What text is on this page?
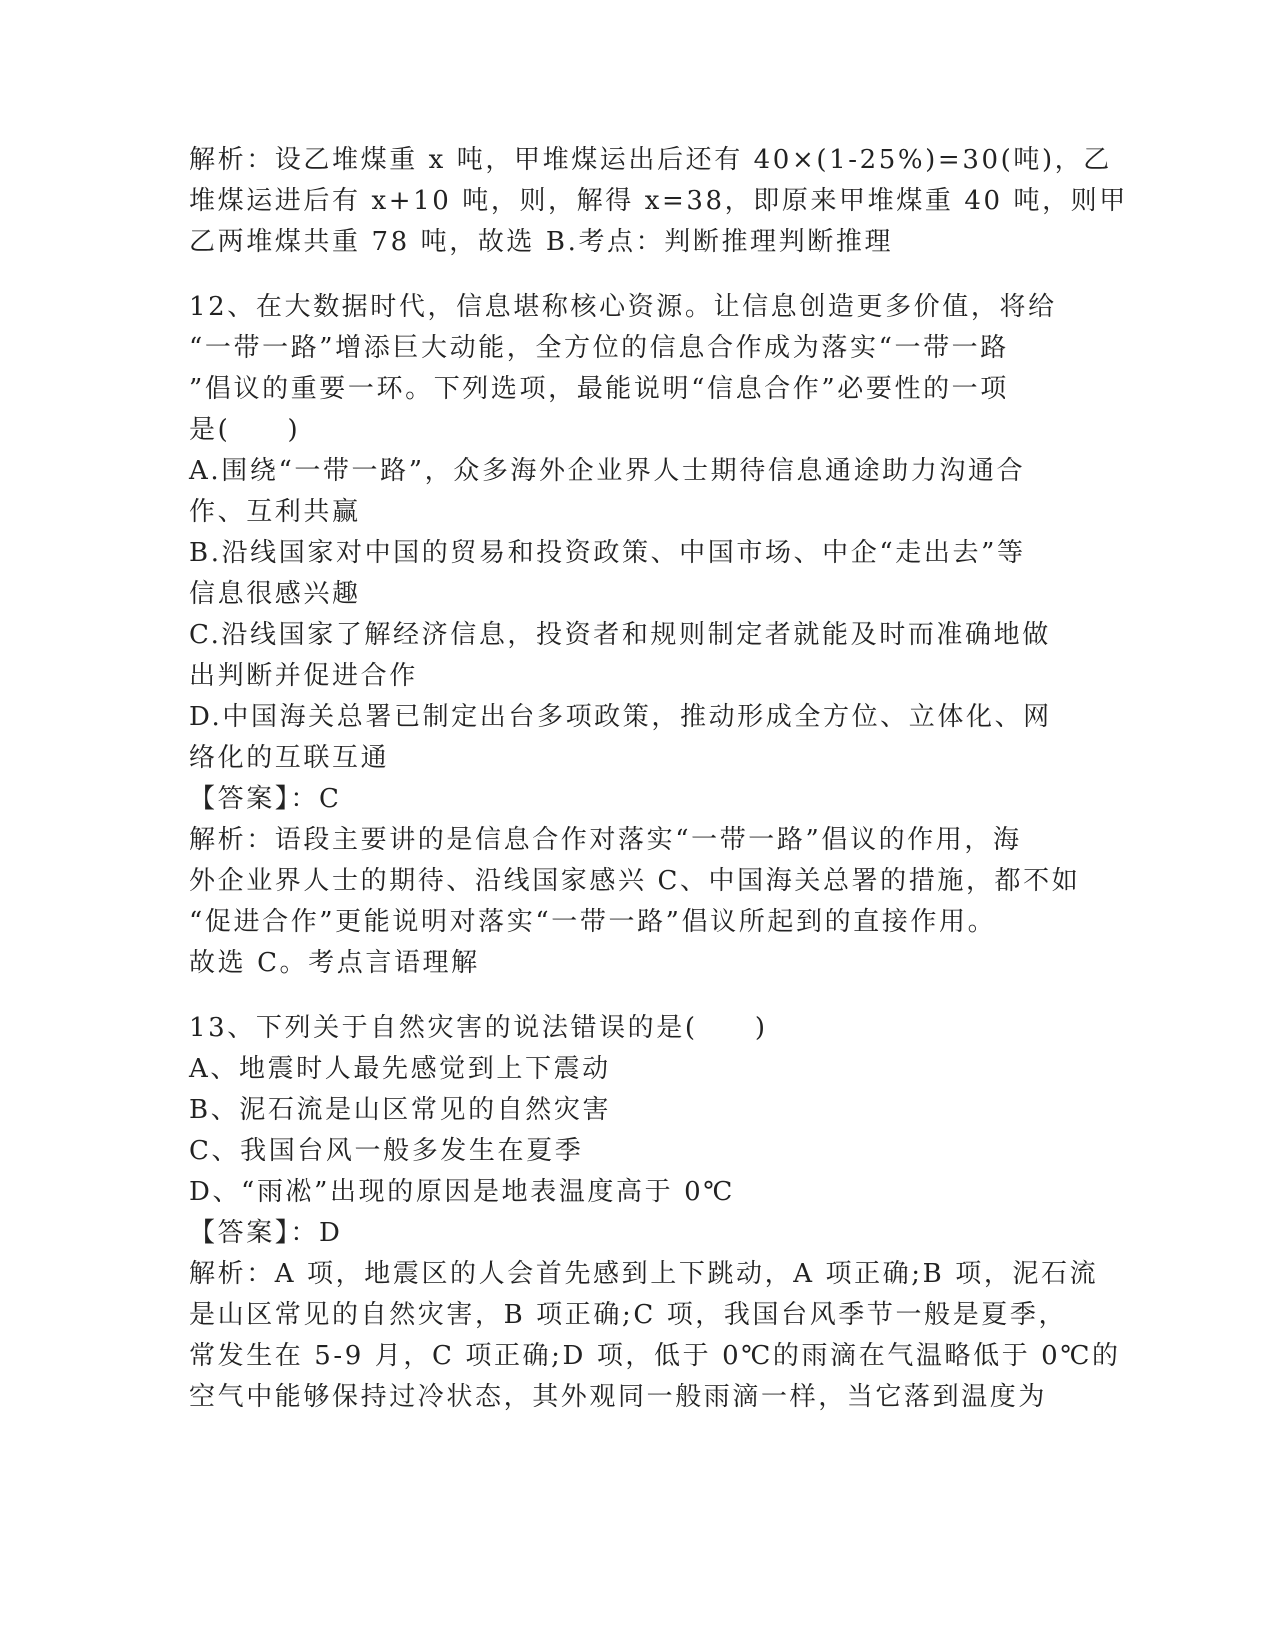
解析：设乙堆煤重 x 吨，甲堆煤运出后还有 40×(1-25%)=30(吨)，乙
堆煤运进后有 x+10 吨，则，解得 x=38，即原来甲堆煤重 40 吨，则甲
乙两堆煤共重 78 吨，故选 B.考点：判断推理判断推理
12、在大数据时代，信息堪称核心资源。让信息创造更多价值，将给
“一带一路”增添巨大动能，全方位的信息合作成为落实“一带一路
”倡议的重要一环。下列选项，最能说明“信息合作”必要性的一项
是(　　)
A.围绕“一带一路”，众多海外企业界人士期待信息通途助力沟通合
作、互利共赢
B.沿线国家对中国的贸易和投资政策、中国市场、中企“走出去”等
信息很感兴趣
C.沿线国家了解经济信息，投资者和规则制定者就能及时而准确地做
出判断并促进合作
D.中国海关总署已制定出台多项政策，推动形成全方位、立体化、网
络化的互联互通
【答案】：C
解析：语段主要讲的是信息合作对落实“一带一路”倡议的作用，海
外企业界人士的期待、沿线国家感兴 C、中国海关总署的措施，都不如
“促进合作”更能说明对落实“一带一路”倡议所起到的直接作用。
故选 C。考点言语理解
13、下列关于自然灾害的说法错误的是(　　)
A、地震时人最先感觉到上下震动
B、泥石流是山区常见的自然灾害
C、我国台风一般多发生在夏季
D、“雨凇”出现的原因是地表温度高于 0℃
【答案】：D
解析：A 项，地震区的人会首先感到上下跳动，A 项正确;B 项，泥石流
是山区常见的自然灾害，B 项正确;C 项，我国台风季节一般是夏季，
常发生在 5-9 月，C 项正确;D 项，低于 0℃的雨滴在气温略低于 0℃的
空气中能够保持过冷状态，其外观同一般雨滴一样，当它落到温度为
